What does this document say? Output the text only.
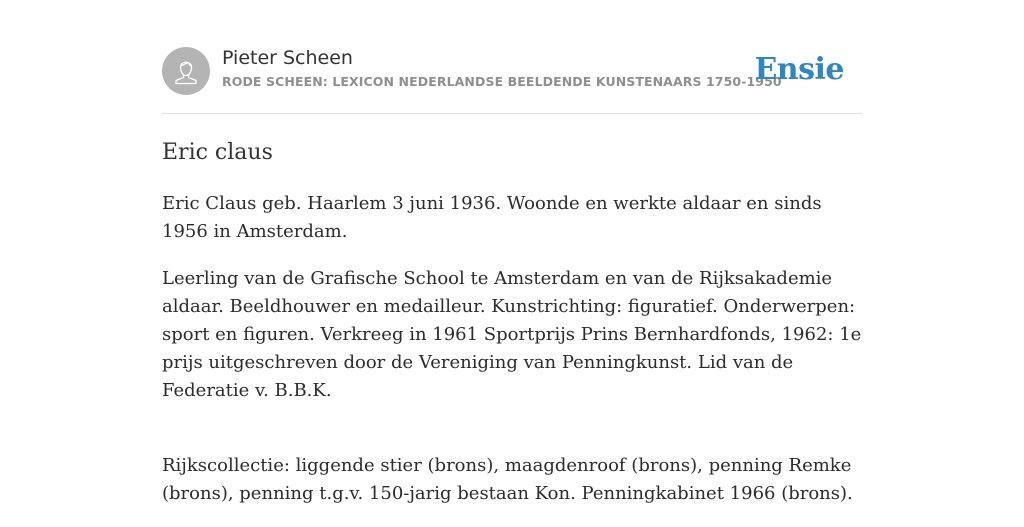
Pieter Scheen
RODE SCHEEN: LEXICON NEDERLANDSE BEELDENDE KUNSTENAARS 1750-1950
Ensie
Eric claus

Eric Claus geb. Haarlem 3 juni 1936. Woonde en werkte aldaar en sinds 1956 in Amsterdam.

Leerling van de Grafische School te Amsterdam en van de Rijksakademie aldaar. Beeldhouwer en medailleur. Kunstrichting: figuratief. Onderwerpen: sport en figuren. Verkreeg in 1961 Sportprijs Prins Bernhardfonds, 1962: 1e prijs uitgeschreven door de Vereniging van Penningkunst. Lid van de Federatie v. B.B.K.

Rijkscollectie: liggende stier (brons), maagdenroof (brons), penning Remke (brons), penning t.g.v. 150-jarig bestaan Kon. Penningkabinet 1966 (brons).
